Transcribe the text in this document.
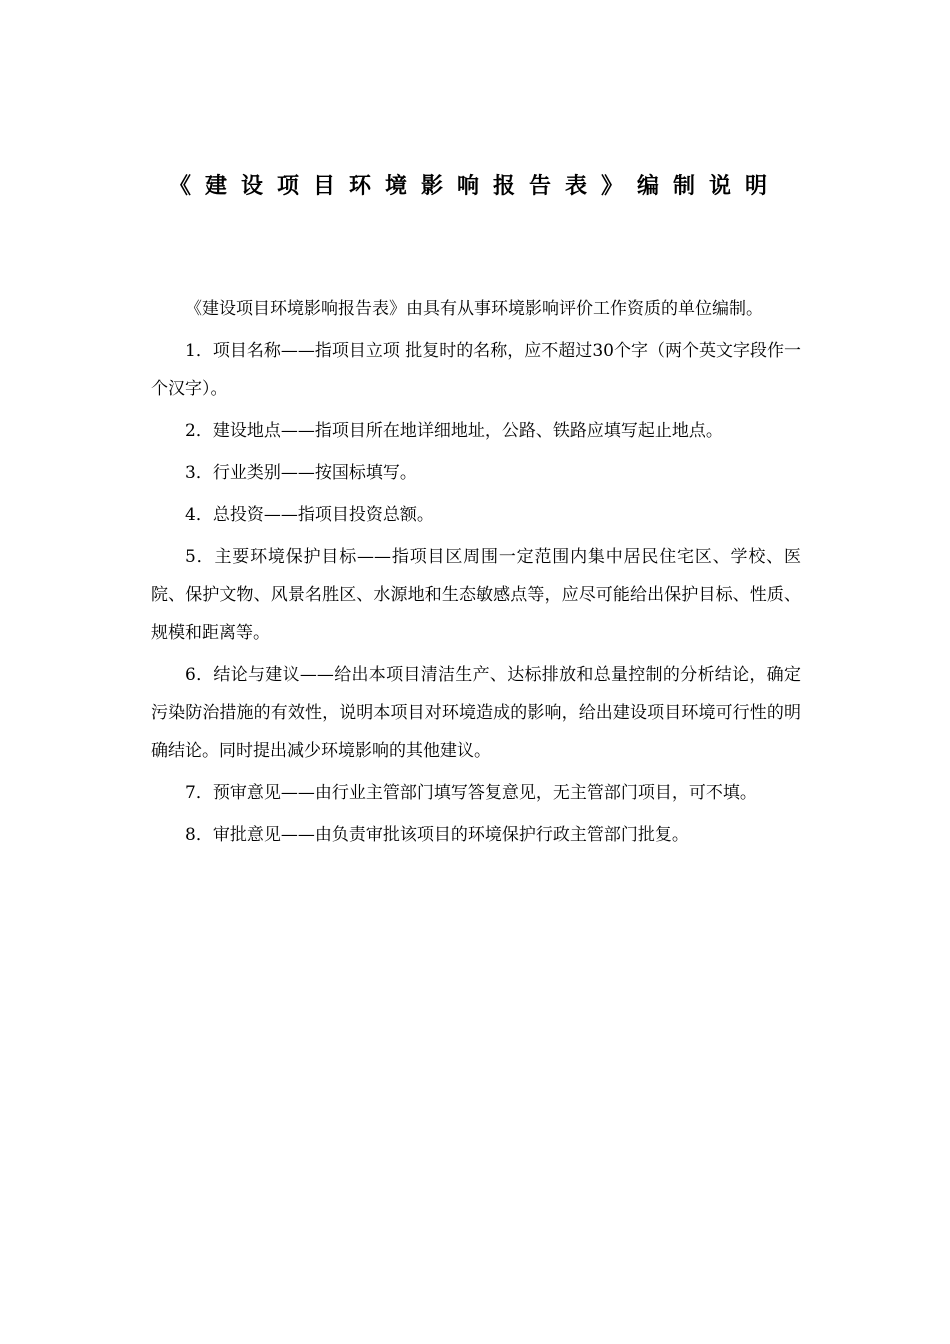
《建设项目环境影响报告表》编制说明

《建设项目环境影响报告表》由具有从事环境影响评价工作资质的单位编制。

1．项目名称——指项目立项 批复时的名称，应不超过30个字（两个英文字段作一个汉字）。

2．建设地点——指项目所在地详细地址，公路、铁路应填写起止地点。

3．行业类别——按国标填写。

4．总投资——指项目投资总额。

5．主要环境保护目标——指项目区周围一定范围内集中居民住宅区、学校、医院、保护文物、风景名胜区、水源地和生态敏感点等，应尽可能给出保护目标、性质、规模和距离等。

6．结论与建议——给出本项目清洁生产、达标排放和总量控制的分析结论，确定污染防治措施的有效性，说明本项目对环境造成的影响，给出建设项目环境可行性的明确结论。同时提出减少环境影响的其他建议。

7．预审意见——由行业主管部门填写答复意见，无主管部门项目，可不填。

8．审批意见——由负责审批该项目的环境保护行政主管部门批复。
